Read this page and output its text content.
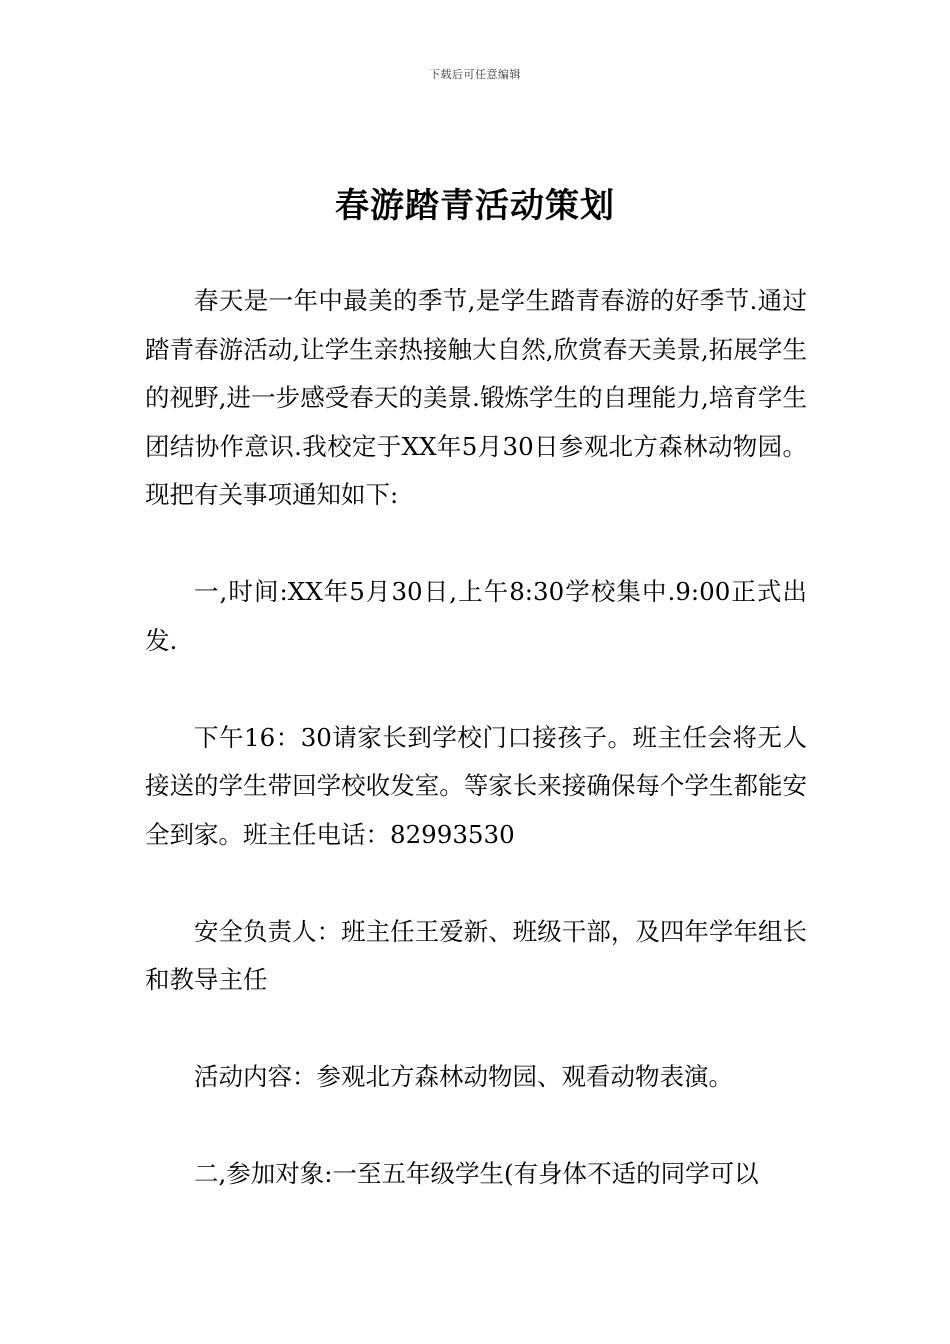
下载后可任意编辑
春游踏青活动策划

春天是一年中最美的季节,是学生踏青春游的好季节.通过踏青春游活动,让学生亲热接触大自然,欣赏春天美景,拓展学生的视野,进一步感受春天的美景.锻炼学生的自理能力,培育学生团结协作意识.我校定于XX年5月30日参观北方森林动物园。现把有关事项通知如下:

一,时间:XX年5月30日,上午8:30学校集中.9:00正式出发.

下午16：30请家长到学校门口接孩子。班主任会将无人接送的学生带回学校收发室。等家长来接确保每个学生都能安全到家。班主任电话：82993530

安全负责人：班主任王爱新、班级干部，及四年学年组长和教导主任

活动内容：参观北方森林动物园、观看动物表演。

二,参加对象:一至五年级学生(有身体不适的同学可以
